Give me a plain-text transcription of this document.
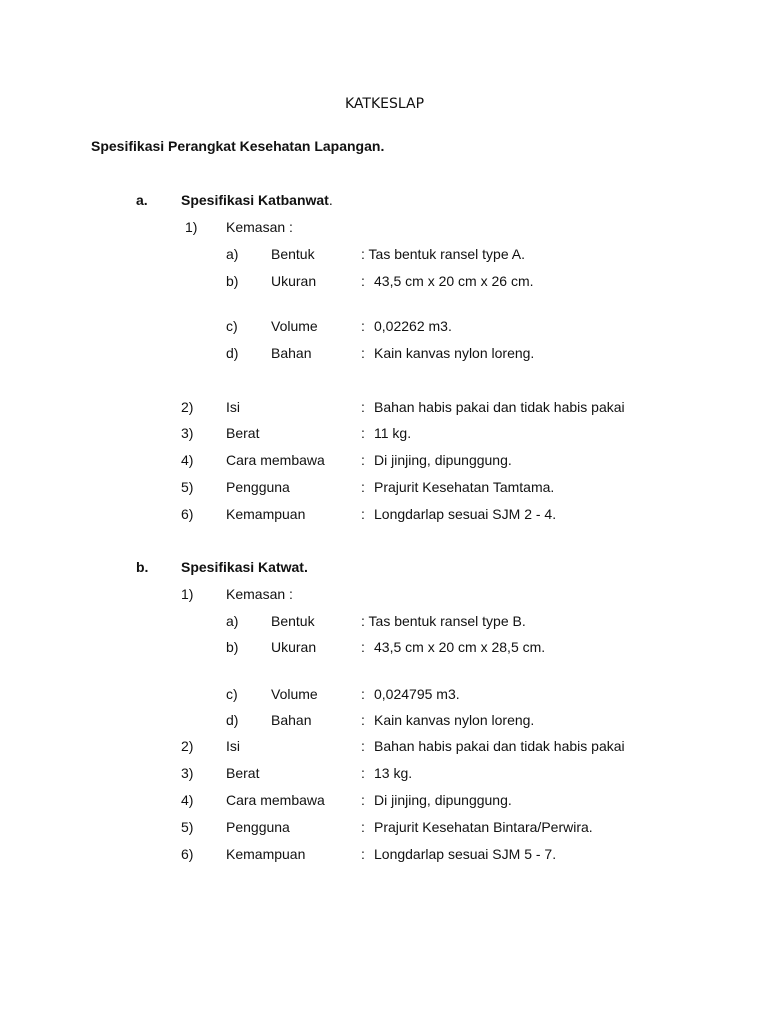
KATKESLAP
Spesifikasi Perangkat Kesehatan Lapangan.
a. Spesifikasi Katbanwat.
1) Kemasan :
a) Bentuk	: Tas bentuk ransel type A.
b) Ukuran	: 43,5 cm x 20 cm x 26 cm.
c) Volume	: 0,02262 m3.
d) Bahan	: Kain kanvas nylon loreng.
2) Isi	: Bahan habis pakai dan tidak habis pakai
3) Berat	: 11 kg.
4) Cara membawa	: Di jinjing, dipunggung.
5) Pengguna	: Prajurit Kesehatan Tamtama.
6) Kemampuan	: Longdarlap sesuai SJM 2 - 4.
b. Spesifikasi Katwat.
1) Kemasan :
a) Bentuk	: Tas bentuk ransel type B.
b) Ukuran	: 43,5 cm x 20 cm x 28,5 cm.
c) Volume	: 0,024795 m3.
d) Bahan	: Kain kanvas nylon loreng.
2) Isi	: Bahan habis pakai dan tidak habis pakai
3) Berat	: 13 kg.
4) Cara membawa	: Di jinjing, dipunggung.
5) Pengguna	: Prajurit Kesehatan Bintara/Perwira.
6) Kemampuan	: Longdarlap sesuai SJM 5 - 7.
